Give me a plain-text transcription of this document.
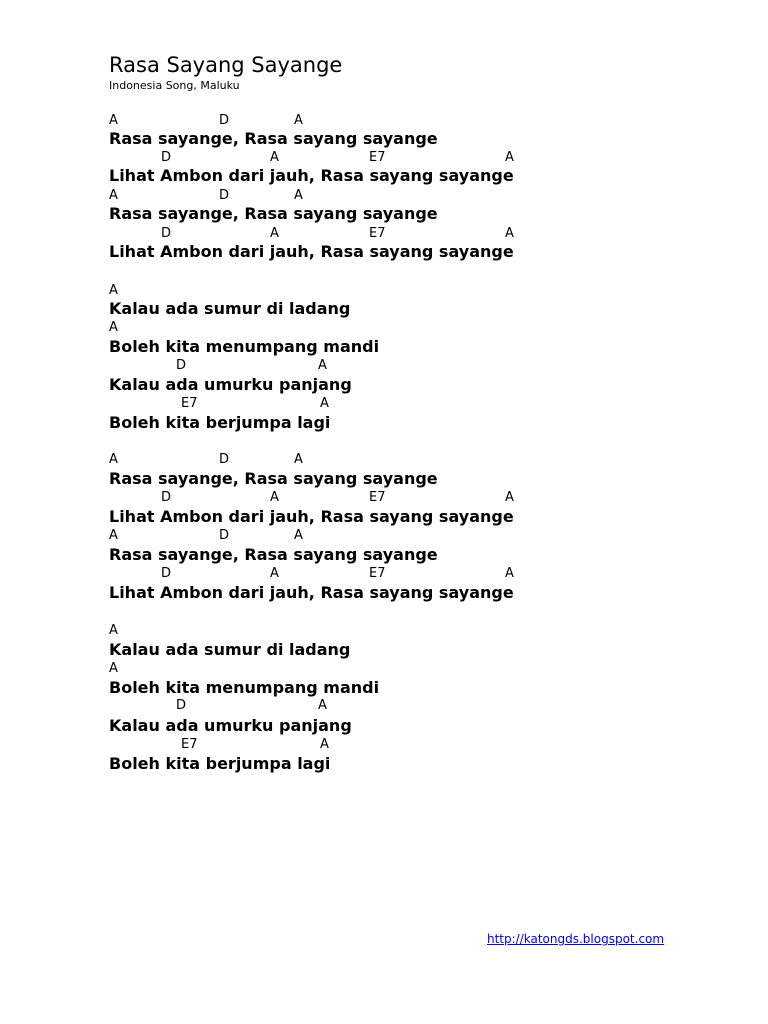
Rasa Sayang Sayange
Indonesia Song, Maluku
A	D	A
Rasa sayange, Rasa sayang sayange
D	A	E7	A
Lihat Ambon dari jauh, Rasa sayang sayange
A	D	A
Rasa sayange, Rasa sayang sayange
D	A	E7	A
Lihat Ambon dari jauh, Rasa sayang sayange
A
Kalau ada sumur di ladang
A
Boleh kita menumpang mandi
D	A
Kalau ada umurku panjang
E7	A
Boleh kita berjumpa lagi
A	D	A
Rasa sayange, Rasa sayang sayange
D	A	E7	A
Lihat Ambon dari jauh, Rasa sayang sayange
A	D	A
Rasa sayange, Rasa sayang sayange
D	A	E7	A
Lihat Ambon dari jauh, Rasa sayang sayange
A
Kalau ada sumur di ladang
A
Boleh kita menumpang mandi
D	A
Kalau ada umurku panjang
E7	A
Boleh kita berjumpa lagi
http://katongds.blogspot.com
